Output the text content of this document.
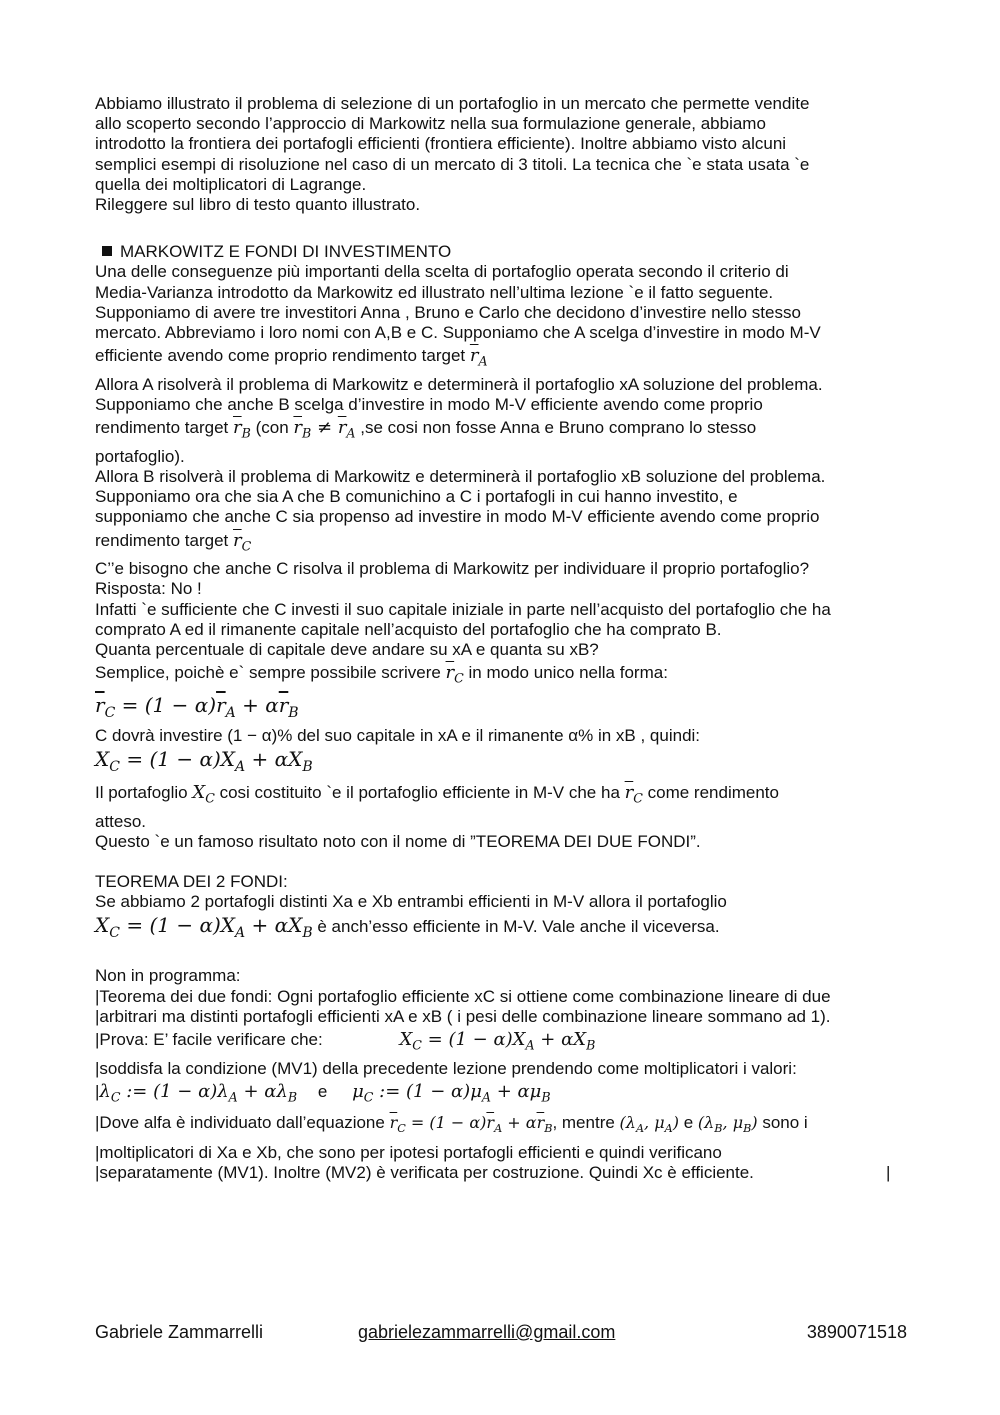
Abbiamo illustrato il problema di selezione di un portafoglio in un mercato che permette vendite
allo scoperto secondo l’approccio di Markowitz nella sua formulazione generale, abbiamo
introdotto la frontiera dei portafogli efficienti (frontiera efficiente). Inoltre abbiamo visto alcuni
semplici esempi di risoluzione nel caso di un mercato di 3 titoli. La tecnica che `e stata usata `e
quella dei moltiplicatori di Lagrange.
Rileggere sul libro di testo quanto illustrato.
MARKOWITZ E FONDI DI INVESTIMENTO
Una delle conseguenze più importanti della scelta di portafoglio operata secondo il criterio di
Media-Varianza introdotto da Markowitz ed illustrato nell’ultima lezione `e il fatto seguente.
Supponiamo di avere tre investitori Anna , Bruno e Carlo che decidono d’investire nello stesso
mercato. Abbreviamo i loro nomi con A,B e C. Supponiamo che A scelga d’investire in modo M-V
efficiente avendo come proprio rendimento target $\overline{r}_A$
Allora A risolverà il problema di Markowitz e determinerà il portafoglio xA soluzione del problema.
Supponiamo che anche B scelga d’investire in modo M-V efficiente avendo come proprio
rendimento target $\overline{r}_B$ (con $\overline{r}_B \ne \overline{r}_A$ ,se cosi non fosse Anna e Bruno comprano lo stesso
portafoglio).
Allora B risolverà il problema di Markowitz e determinerà il portafoglio xB soluzione del problema.
Supponiamo ora che sia A che B comunichino a C i portafogli in cui hanno investito, e
supponiamo che anche C sia propenso ad investire in modo M-V efficiente avendo come proprio
rendimento target $\overline{r}_C$
C’’e bisogno che anche C risolva il problema di Markowitz per individuare il proprio portafoglio?
Risposta: No !
Infatti `e sufficiente che C investi il suo capitale iniziale in parte nell’acquisto del portafoglio che ha
comprato A ed il rimanente capitale nell’acquisto del portafoglio che ha comprato B.
Quanta percentuale di capitale deve andare su xA e quanta su xB?
Semplice, poichè e` sempre possibile scrivere $\overline{r}_C$ in modo unico nella forma:
$\overline{r}_C = (1 - \alpha)\overline{r}_A + \alpha\overline{r}_B$
C dovrà investire (1 − α)% del suo capitale in xA e il rimanente α% in xB , quindi:
$X_C = (1 - \alpha)X_A + \alpha X_B$
Il portafoglio $X_C$ cosi costituito `e il portafoglio efficiente in M-V che ha $\overline{r}_C$ come rendimento
atteso.
Questo `e un famoso risultato noto con il nome di ”TEOREMA DEI DUE FONDI”.
TEOREMA DEI 2 FONDI:
Se abbiamo 2 portafogli distinti Xa e Xb entrambi efficienti in M-V allora il portafoglio
$X_C = (1 - \alpha)X_A + \alpha X_B$ è anch’esso efficiente in M-V. Vale anche il viceversa.
Non in programma:
|Teorema dei due fondi: Ogni portafoglio efficiente xC si ottiene come combinazione lineare di due
|arbitrari ma distinti portafogli efficienti xA e xB ( i pesi delle combinazione lineare sommano ad 1).
|Prova: E’ facile verificare che:	$X_C = (1 - \alpha)X_A + \alpha X_B$
|soddisfa la condizione (MV1) della precedente lezione prendendo come moltiplicatori i valori:
$|\lambda_C$ := $(1 - \alpha)\lambda_A + \alpha\lambda_B$ e $\mu_C$ := $(1 - \alpha)\mu_A + \alpha\mu_B$
|Dove alfa è individuato dall’equazione $\overline{r}_C = (1 - \alpha)\overline{r}_A + \alpha\overline{r}_B$, mentre ($\lambda_A$, $\mu_A$) e ($\lambda_B$, $\mu_B$) sono i
|moltiplicatori di Xa e Xb, che sono per ipotesi portafogli efficienti e quindi verificano
|separatamente (MV1). Inoltre (MV2) è verificata per costruzione. Quindi Xc è efficiente.	|
Gabriele Zammarrelli	gabrielezammarrelli@gmail.com	3890071518
